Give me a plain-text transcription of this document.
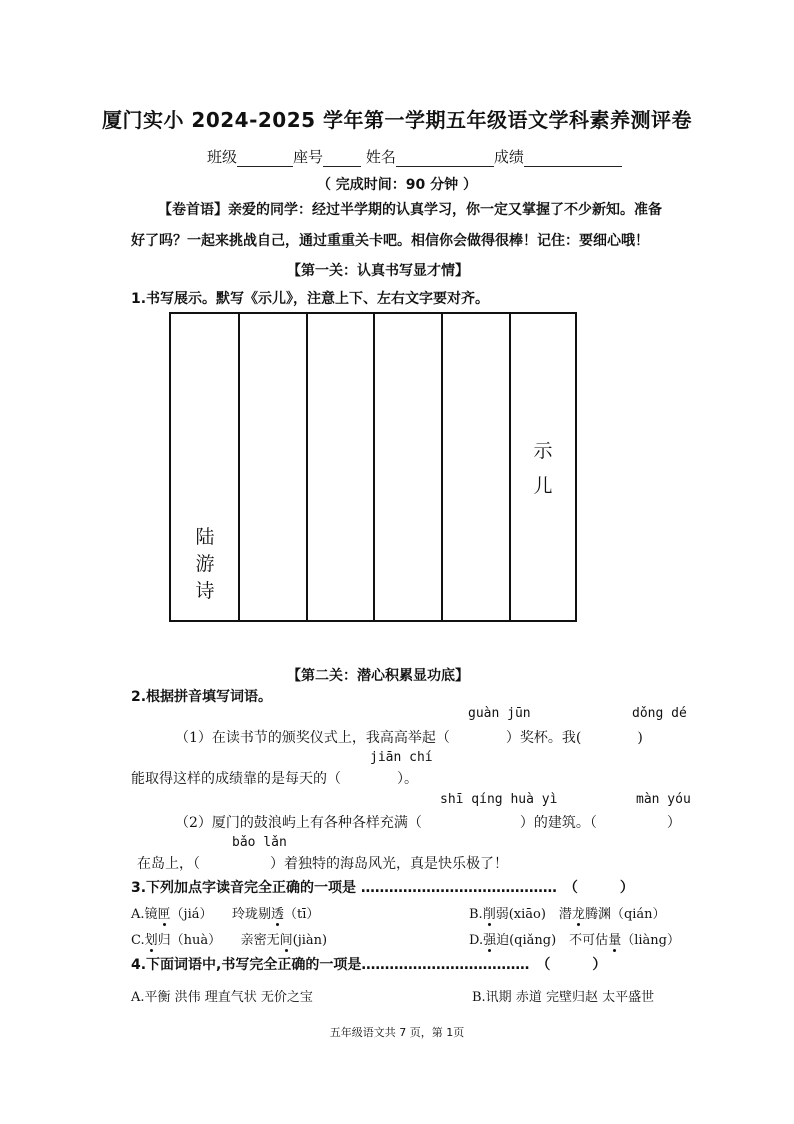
厦门实小 2024-2025 学年第一学期五年级语文学科素养测评卷
班级	座号	姓名	成绩
（ 完成时间：90 分钟 ）
【卷首语】亲爱的同学：经过半学期的认真学习，你一定又掌握了不少新知。准备
好了吗？一起来挑战自己，通过重重关卡吧。相信你会做得很棒！记住：要细心哦！
【第一关：认真书写显才情】
1.书写展示。默写《示儿》，注意上下、左右文字要对齐。
示
儿
陆
游
诗
【第二关：潜心积累显功底】
2.根据拼音填写词语。
guàn jūn	dǒng dé
（1）在读书节的颁奖仪式上，我高高举起（　　　　）奖杯。我(　　　　)
jiān chí
能取得这样的成绩靠的是每天的（　　　　）。
shī qíng huà yì	màn yóu
（2）厦门的鼓浪屿上有各种各样充满（　　　　　　　）的建筑。（　　　　　）
bǎo lǎn
在岛上，（　　　　　）着独特的海岛风光，真是快乐极了！
3.下列加点字读音完全正确的一项是 ……………………………………　（　　　）
A.镜匣（jiá）　　玲珑剔透（tī）	B.削弱(xiāo)　潜龙腾渊（qián）
C.划归（huà）　　亲密无间(jiàn)	D.强迫(qiǎng)　不可估量（liàng）
4.下面词语中,书写完全正确的一项是………………………………　（　　　）
A.平衡 洪伟 理直气状 无价之宝	B.讯期 赤道 完壁归赵 太平盛世
五年级语文共 7 页，第 1页
